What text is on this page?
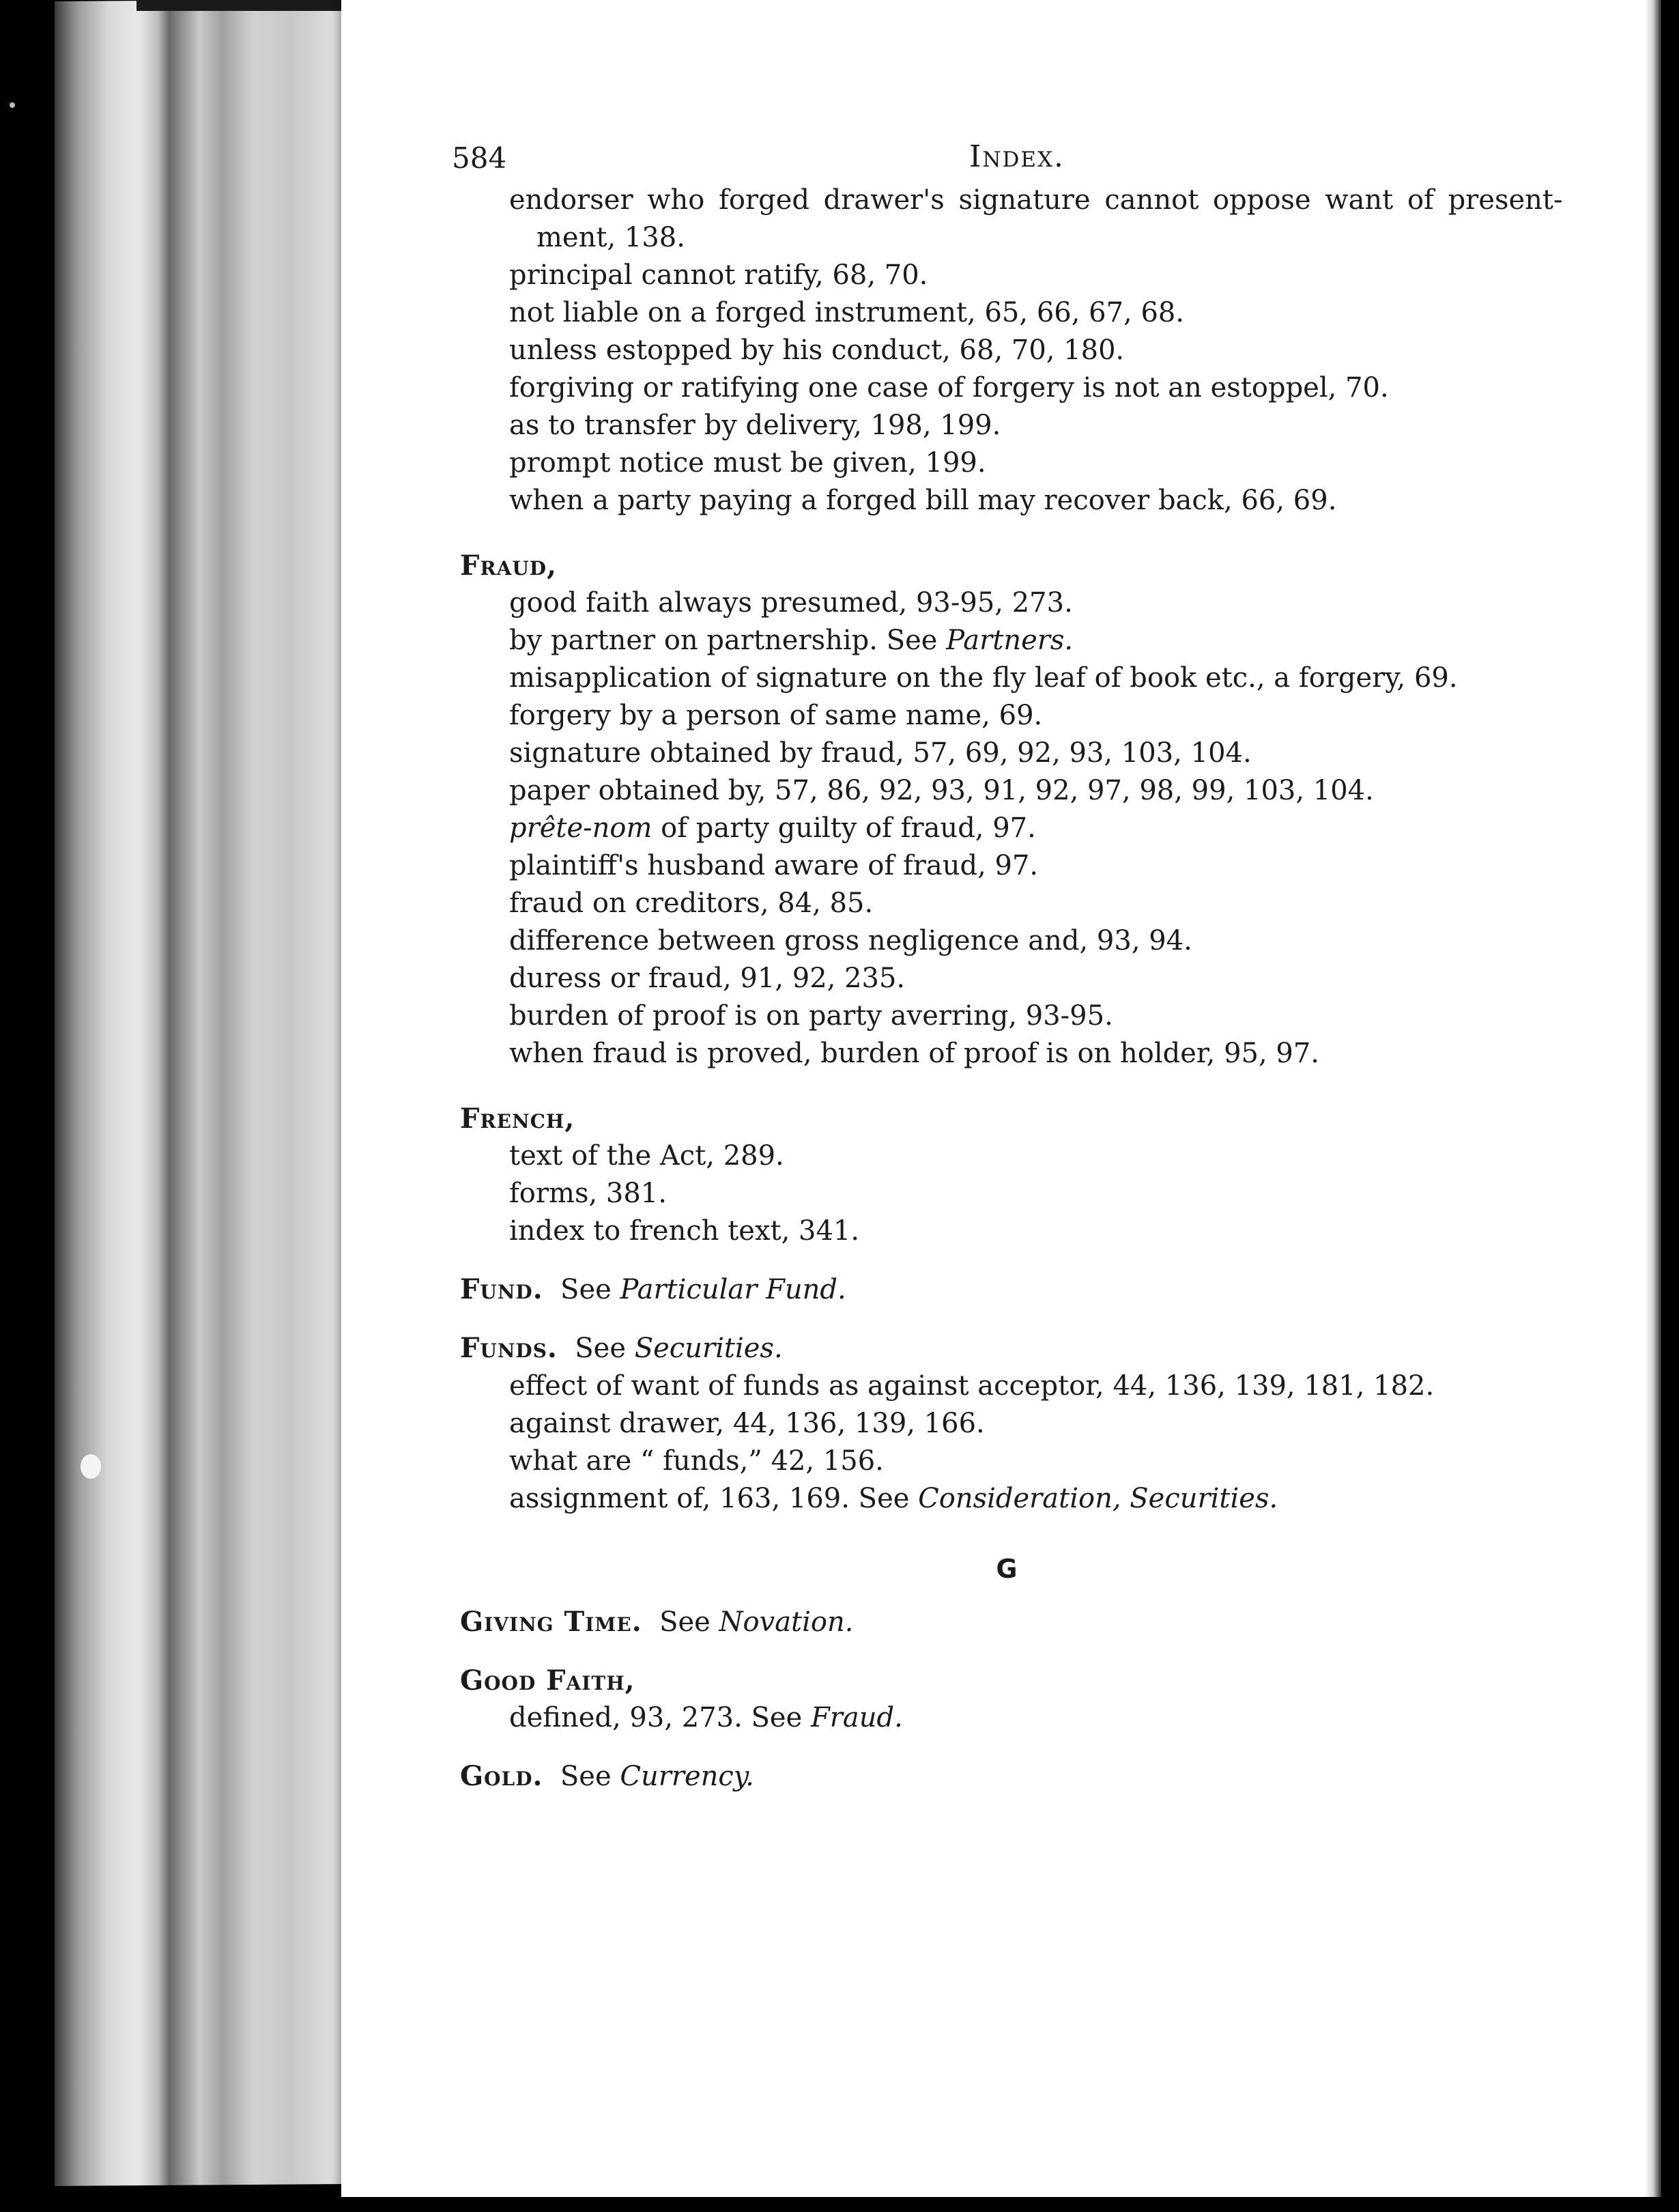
584	Index.
endorser who forged drawer's signature cannot oppose want of present-
ment, 138.
principal cannot ratify, 68, 70.
not liable on a forged instrument, 65, 66, 67, 68.
unless estopped by his conduct, 68, 70, 180.
forgiving or ratifying one case of forgery is not an estoppel, 70.
as to transfer by delivery, 198, 199.
prompt notice must be given, 199.
when a party paying a forged bill may recover back, 66, 69.
Fraud,
good faith always presumed, 93-95, 273.
by partner on partnership. See Partners.
misapplication of signature on the fly leaf of book etc., a forgery, 69.
forgery by a person of same name, 69.
signature obtained by fraud, 57, 69, 92, 93, 103, 104.
paper obtained by, 57, 86, 92, 93, 91, 92, 97, 98, 99, 103, 104.
prête-nom of party guilty of fraud, 97.
plaintiff's husband aware of fraud, 97.
fraud on creditors, 84, 85.
difference between gross negligence and, 93, 94.
duress or fraud, 91, 92, 235.
burden of proof is on party averring, 93-95.
when fraud is proved, burden of proof is on holder, 95, 97.
French,
text of the Act, 289.
forms, 381.
index to french text, 341.
Fund.  See Particular Fund.
Funds.  See Securities.
effect of want of funds as against acceptor, 44, 136, 139, 181, 182.
against drawer, 44, 136, 139, 166.
what are “ funds,” 42, 156.
assignment of, 163, 169. See Consideration, Securities.
G
Giving Time.  See Novation.
Good Faith,
defined, 93, 273. See Fraud.
Gold.  See Currency.
